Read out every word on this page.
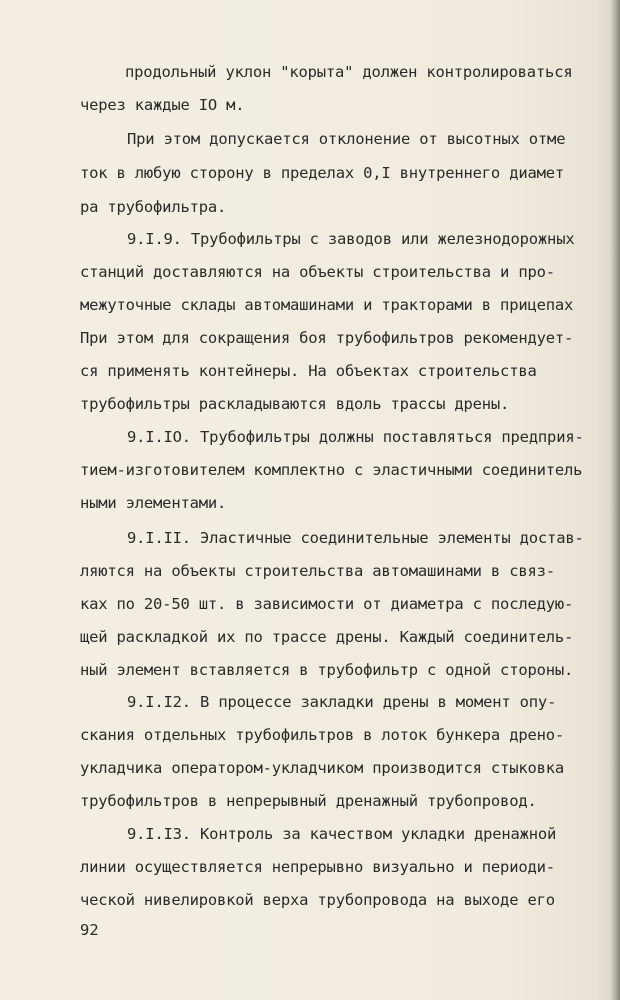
продольный уклон "корыта" должен контролироваться
через каждые IO м.
При этом допускается отклонение от высотных отме
ток в любую сторону в пределах 0,I внутреннего диамет
ра трубофильтра.
9.I.9. Трубофильтры с заводов или железнодорожных
станций доставляются на объекты строительства и про-
межуточные склады автомашинами и тракторами в прицепах
При этом для сокращения боя трубофильтров рекомендует-
ся применять контейнеры. На объектах строительства
трубофильтры раскладываются вдоль трассы дрены.
9.I.IO. Трубофильтры должны поставляться предприя-
тием-изготовителем комплектно с эластичными соединитель
ными элементами.
9.I.II. Эластичные соединительные элементы достав-
ляются на объекты строительства автомашинами в связ-
ках по 20-50 шт. в зависимости от диаметра с последую-
щей раскладкой их по трассе дрены. Каждый соединитель-
ный элемент вставляется в трубофильтр с одной стороны.
9.I.I2. В процессе закладки дрены в момент опу-
скания отдельных трубофильтров в лоток бункера дрено-
укладчика оператором-укладчиком производится стыковка
трубофильтров в непрерывный дренажный трубопровод.
9.I.I3. Контроль за качеством укладки дренажной
линии осуществляется непрерывно визуально и периоди-
ческой нивелировкой верха трубопровода на выходе его
92
